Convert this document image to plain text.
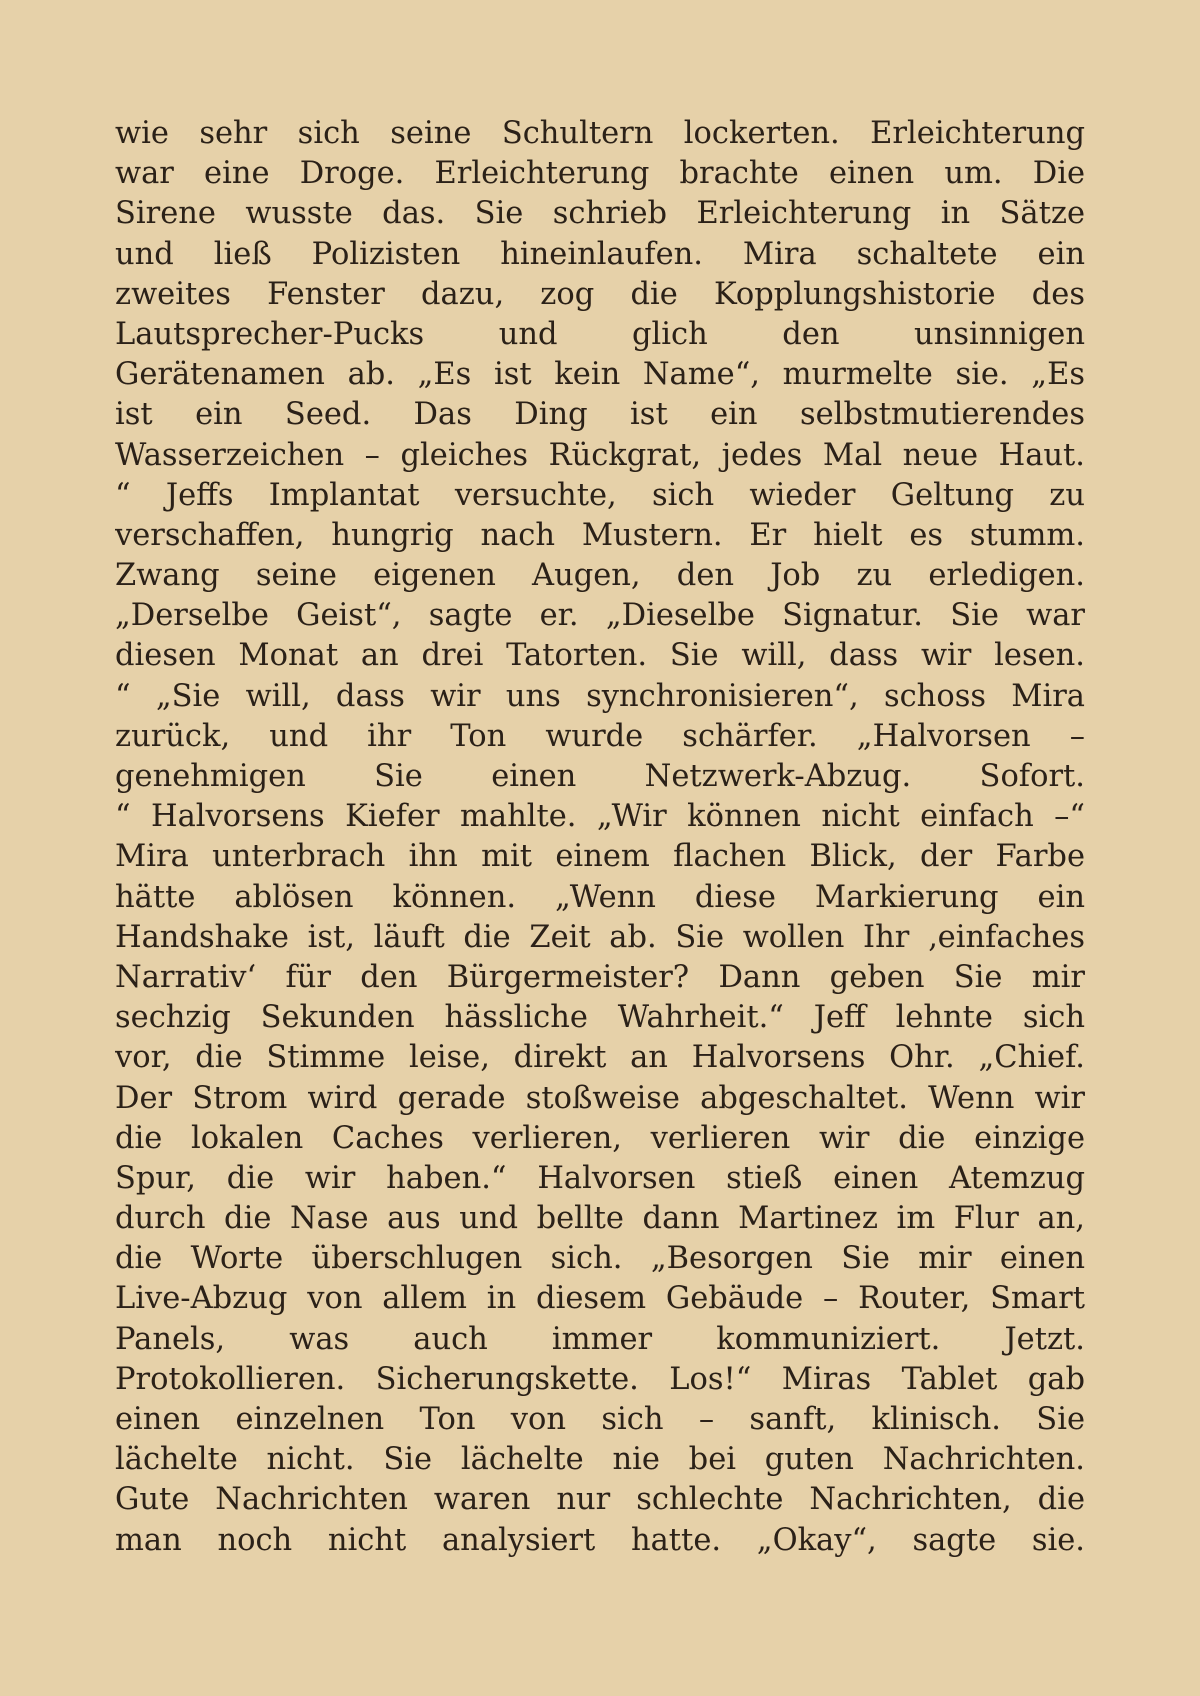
wie sehr sich seine Schultern lockerten. Erleichterung
war eine Droge. Erleichterung brachte einen um. Die
Sirene wusste das. Sie schrieb Erleichterung in Sätze
und ließ Polizisten hineinlaufen. Mira schaltete ein
zweites Fenster dazu, zog die Kopplungshistorie des
Lautsprecher-Pucks und glich den unsinnigen
Gerätenamen ab. „Es ist kein Name“, murmelte sie. „Es
ist ein Seed. Das Ding ist ein selbstmutierendes
Wasserzeichen – gleiches Rückgrat, jedes Mal neue Haut.
“ Jeffs Implantat versuchte, sich wieder Geltung zu
verschaffen, hungrig nach Mustern. Er hielt es stumm.
Zwang seine eigenen Augen, den Job zu erledigen.
„Derselbe Geist“, sagte er. „Dieselbe Signatur. Sie war
diesen Monat an drei Tatorten. Sie will, dass wir lesen.
“ „Sie will, dass wir uns synchronisieren“, schoss Mira
zurück, und ihr Ton wurde schärfer. „Halvorsen –
genehmigen Sie einen Netzwerk-Abzug. Sofort.
“ Halvorsens Kiefer mahlte. „Wir können nicht einfach –“
Mira unterbrach ihn mit einem flachen Blick, der Farbe
hätte ablösen können. „Wenn diese Markierung ein
Handshake ist, läuft die Zeit ab. Sie wollen Ihr ‚einfaches
Narrativ‘ für den Bürgermeister? Dann geben Sie mir
sechzig Sekunden hässliche Wahrheit.“ Jeff lehnte sich
vor, die Stimme leise, direkt an Halvorsens Ohr. „Chief.
Der Strom wird gerade stoßweise abgeschaltet. Wenn wir
die lokalen Caches verlieren, verlieren wir die einzige
Spur, die wir haben.“ Halvorsen stieß einen Atemzug
durch die Nase aus und bellte dann Martinez im Flur an,
die Worte überschlugen sich. „Besorgen Sie mir einen
Live-Abzug von allem in diesem Gebäude – Router, Smart
Panels, was auch immer kommuniziert. Jetzt.
Protokollieren. Sicherungskette. Los!“ Miras Tablet gab
einen einzelnen Ton von sich – sanft, klinisch. Sie
lächelte nicht. Sie lächelte nie bei guten Nachrichten.
Gute Nachrichten waren nur schlechte Nachrichten, die
man noch nicht analysiert hatte. „Okay“, sagte sie.
